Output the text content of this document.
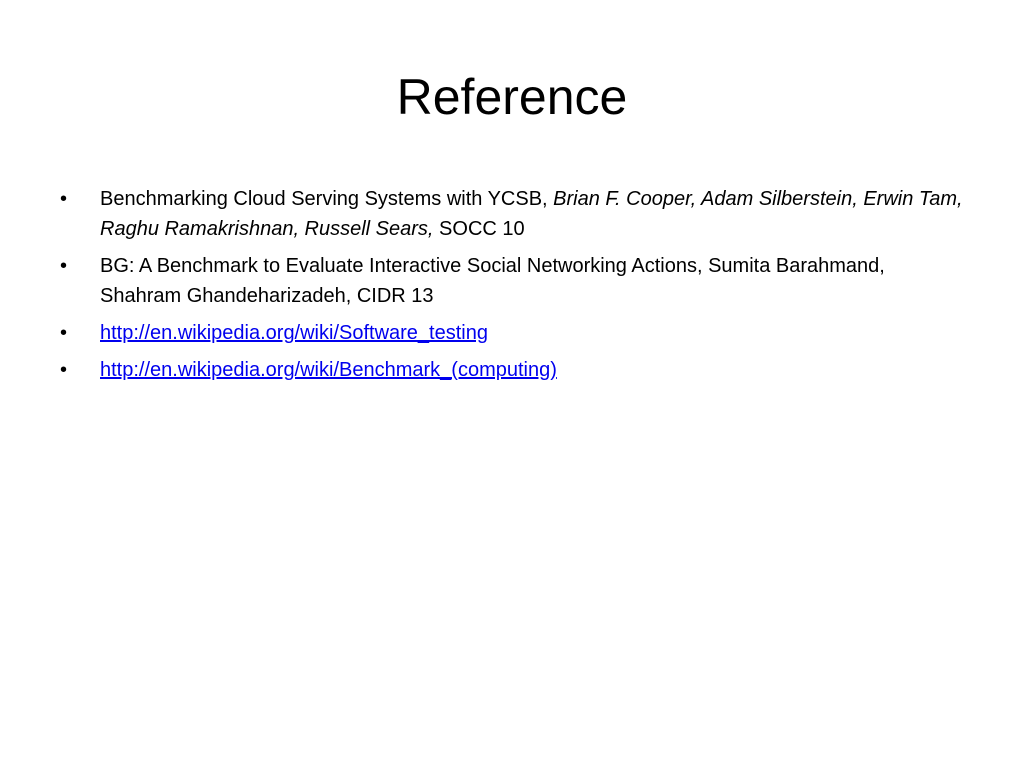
Reference
•	Benchmarking Cloud Serving Systems with YCSB, Brian F. Cooper, Adam Silberstein, Erwin Tam, Raghu Ramakrishnan, Russell Sears, SOCC 10
•	BG: A Benchmark to Evaluate Interactive Social Networking Actions, Sumita Barahmand, Shahram Ghandeharizadeh, CIDR 13
•	http://en.wikipedia.org/wiki/Software_testing
•	http://en.wikipedia.org/wiki/Benchmark_(computing)
